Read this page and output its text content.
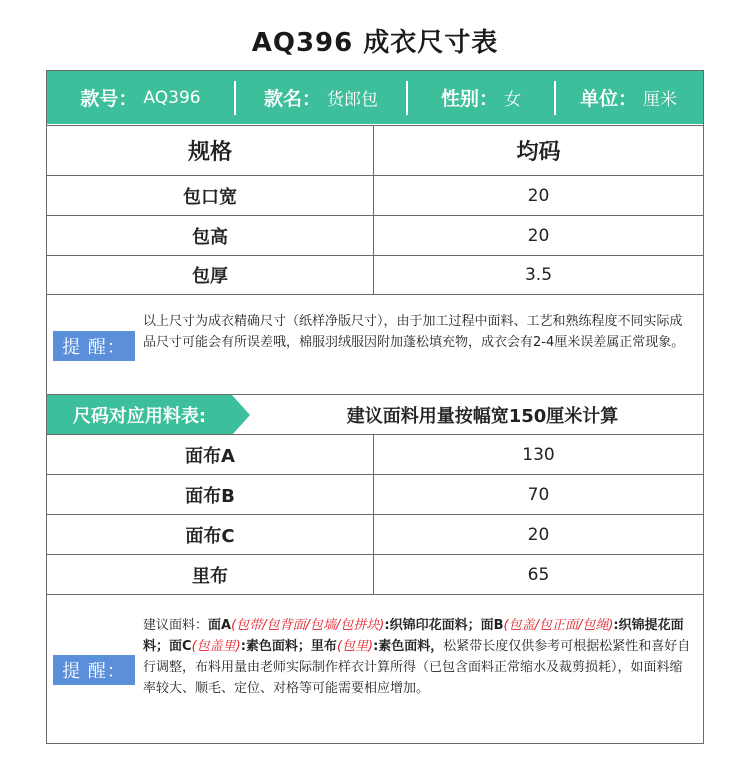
AQ396 成衣尺寸表
款号： AQ396	款名： 货郎包	性别： 女	单位： 厘米
规格	均码
包口宽	20
包高	20
包厚	3.5
提 醒：
以上尺寸为成衣精确尺寸（纸样净版尺寸），由于加工过程中面料、工艺和熟练程度不同实际成品尺寸可能会有所误差哦，棉服羽绒服因附加蓬松填充物，成衣会有2-4厘米误差属正常现象。
尺码对应用料表:	建议面料用量按幅宽150厘米计算
面布A	130
面布B	70
面布C	20
里布	65
提 醒：
建议面料：面A(包带/包背面/包墙/包拼块):织锦印花面料；面B(包盖/包正面/包绳):织锦提花面料；面C(包盖里):素色面料；里布(包里):素色面料，松紧带长度仅供参考可根据松紧性和喜好自行调整，布料用量由老师实际制作样衣计算所得（已包含面料正常缩水及裁剪损耗），如面料缩率较大、顺毛、定位、对格等可能需要相应增加。
